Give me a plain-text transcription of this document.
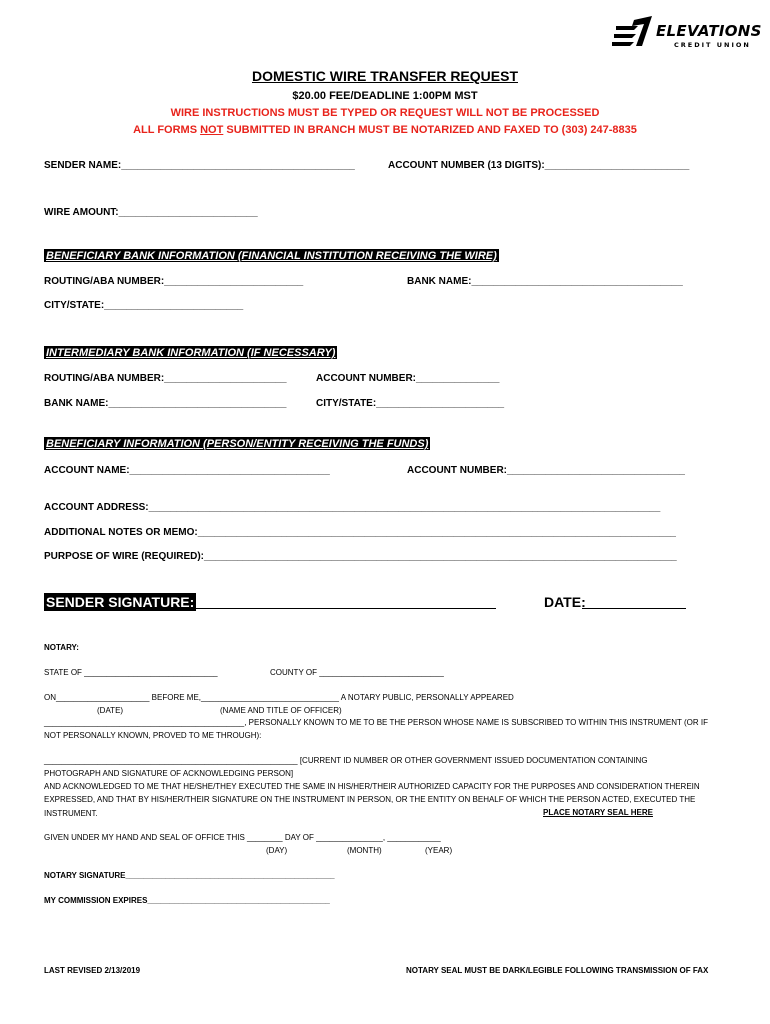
ELEVATIONS
CREDIT UNION
DOMESTIC WIRE TRANSFER REQUEST
$20.00 FEE/DEADLINE 1:00PM MST
WIRE INSTRUCTIONS MUST BE TYPED OR REQUEST WILL NOT BE PROCESSED
ALL FORMS NOT SUBMITTED IN BRANCH MUST BE NOTARIZED AND FAXED TO (303) 247-8835
SENDER NAME:__________________________________________	ACCOUNT NUMBER (13 DIGITS):__________________________
WIRE AMOUNT:_________________________
BENEFICIARY BANK INFORMATION (FINANCIAL INSTITUTION RECEIVING THE WIRE)
ROUTING/ABA NUMBER:_________________________	BANK NAME:______________________________________
CITY/STATE:_________________________
INTERMEDIARY BANK INFORMATION (IF NECESSARY)
ROUTING/ABA NUMBER:______________________	ACCOUNT NUMBER:_______________
BANK NAME:________________________________	CITY/STATE:_______________________
BENEFICIARY INFORMATION (PERSON/ENTITY RECEIVING THE FUNDS)
ACCOUNT NAME:____________________________________	ACCOUNT NUMBER:________________________________
ACCOUNT ADDRESS:____________________________________________________________________________________________
ADDITIONAL NOTES OR MEMO:______________________________________________________________________________________
PURPOSE OF WIRE (REQUIRED):_____________________________________________________________________________________
SENDER SIGNATURE:	DATE:
NOTARY:
STATE OF ______________________________	COUNTY OF ____________________________
ON_____________________ BEFORE ME,_______________________________ A NOTARY PUBLIC, PERSONALLY APPEARED
(DATE)	(NAME AND TITLE OF OFFICER)
_____________________________________________, PERSONALLY KNOWN TO ME TO BE THE PERSON WHOSE NAME IS SUBSCRIBED TO WITHIN THIS INSTRUMENT (OR IF
NOT PERSONALLY KNOWN, PROVED TO ME THROUGH):
_________________________________________________________ [CURRENT ID NUMBER OR OTHER GOVERNMENT ISSUED DOCUMENTATION CONTAINING
PHOTOGRAPH AND SIGNATURE OF ACKNOWLEDGING PERSON]
AND ACKNOWLEDGED TO ME THAT HE/SHE/THEY EXECUTED THE SAME IN HIS/HER/THEIR AUTHORIZED CAPACITY FOR THE PURPOSES AND CONSIDERATION THEREIN
EXPRESSED, AND THAT BY HIS/HER/THEIR SIGNATURE ON THE INSTRUMENT IN PERSON, OR THE ENTITY ON BEHALF OF WHICH THE PERSON ACTED, EXECUTED THE
INSTRUMENT.	PLACE NOTARY SEAL HERE
GIVEN UNDER MY HAND AND SEAL OF OFFICE THIS ________ DAY OF _______________, ____________
(DAY)	(MONTH)	(YEAR)
NOTARY SIGNATURE_______________________________________________
MY COMMISSION EXPIRES_________________________________________
LAST REVISED 2/13/2019	NOTARY SEAL MUST BE DARK/LEGIBLE FOLLOWING TRANSMISSION OF FAX
